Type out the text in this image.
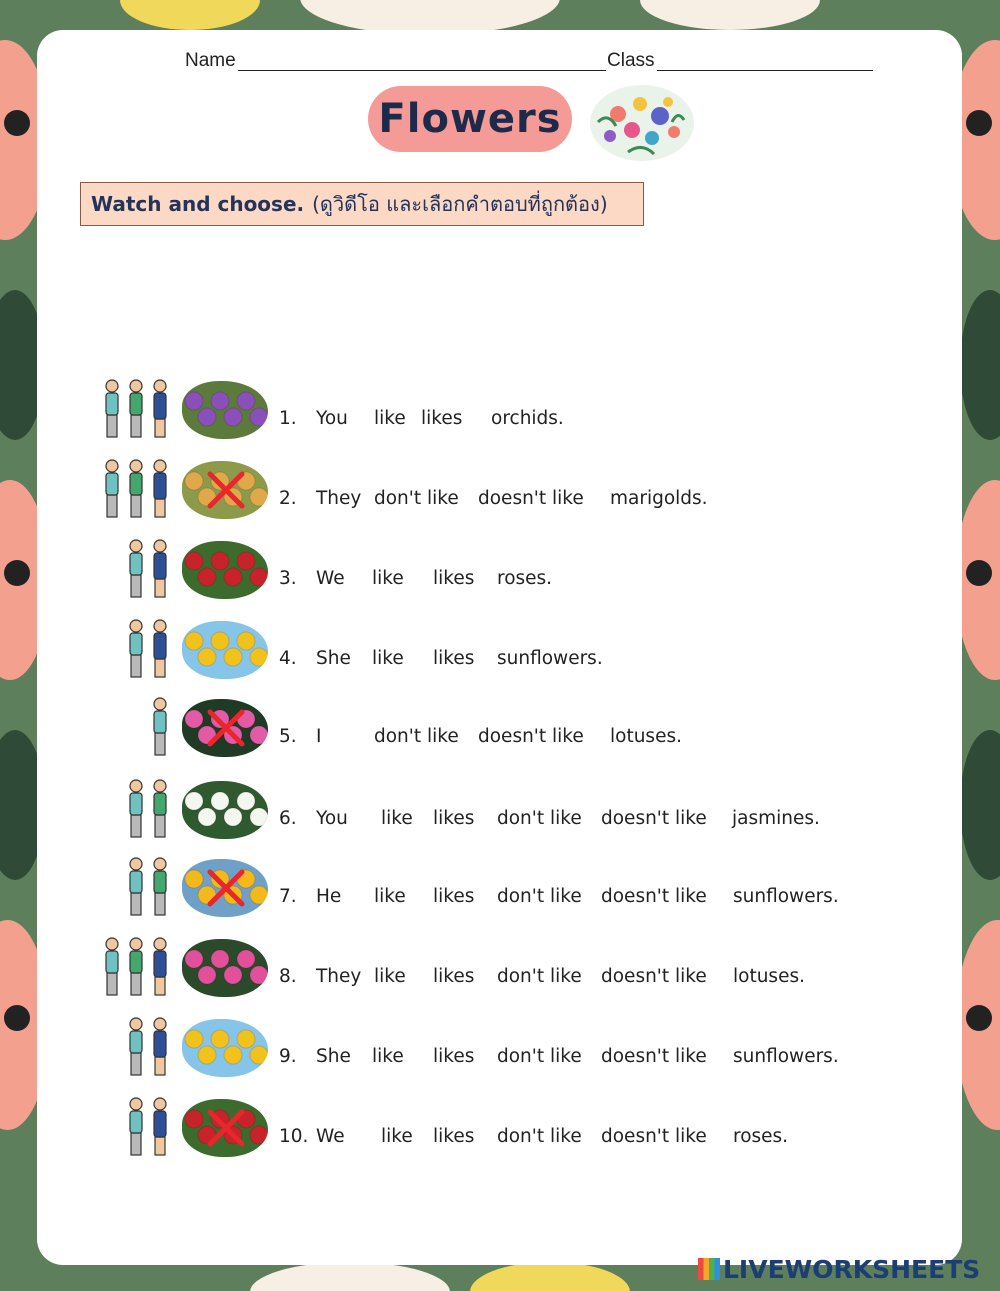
Name	Class
Flowers
Watch and choose. (ดูวิดีโอ และเลือกคำตอบที่ถูกต้อง)
1. You like likes orchids.
2. They don't like doesn't like marigolds.
3. We like likes roses.
4. She like likes sunflowers.
5. I	don't like doesn't like lotuses.
6. You like likes don't like doesn't like jasmines.
7. He like likes don't like doesn't like sunflowers.
8. They like likes don't like doesn't like lotuses.
9. She like likes don't like doesn't like sunflowers.
10. We like likes don't like doesn't like roses.
LIVEWORKSHEETS
